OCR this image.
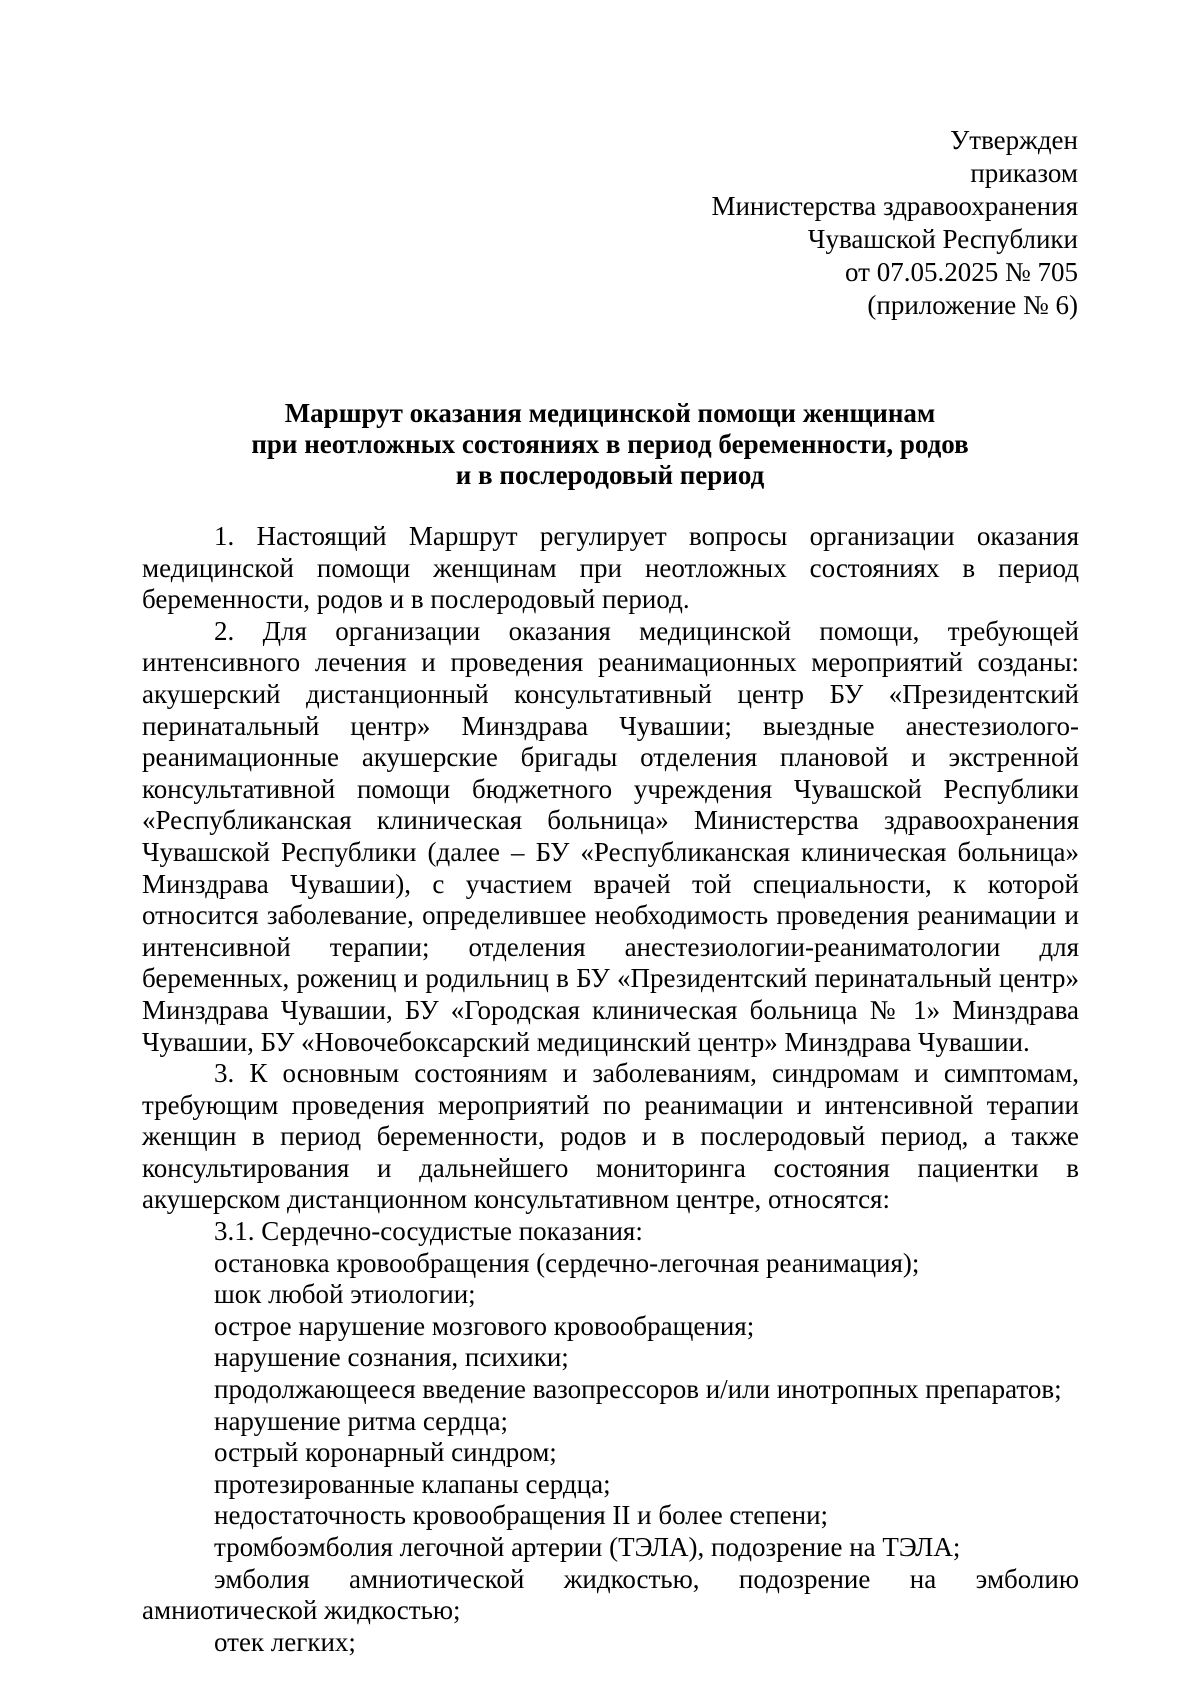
Утвержден
приказом
Министерства здравоохранения
Чувашской Республики
от 07.05.2025 № 705
(приложение № 6)
Маршрут оказания медицинской помощи женщинам
при неотложных состояниях в период беременности, родов
и в послеродовый период

1. Настоящий Маршрут регулирует вопросы организации оказания медицинской помощи женщинам при неотложных состояниях в период беременности, родов и в послеродовый период.

2. Для организации оказания медицинской помощи, требующей интенсивного лечения и проведения реанимационных мероприятий созданы: акушерский дистанционный консультативный центр БУ «Президентский перинатальный центр» Минздрава Чувашии; выездные анестезиолого-реанимационные акушерские бригады отделения плановой и экстренной консультативной помощи бюджетного учреждения Чувашской Республики «Республиканская клиническая больница» Министерства здравоохранения Чувашской Республики (далее – БУ «Республиканская клиническая больница» Минздрава Чувашии), с участием врачей той специальности, к которой относится заболевание, определившее необходимость проведения реанимации и интенсивной терапии; отделения анестезиологии-реаниматологии для беременных, рожениц и родильниц в БУ «Президентский перинатальный центр» Минздрава Чувашии, БУ «Городская клиническая больница № 1» Минздрава Чувашии, БУ «Новочебоксарский медицинский центр» Минздрава Чувашии.

3. К основным состояниям и заболеваниям, синдромам и симптомам, требующим проведения мероприятий по реанимации и интенсивной терапии женщин в период беременности, родов и в послеродовый период, а также консультирования и дальнейшего мониторинга состояния пациентки в акушерском дистанционном консультативном центре, относятся:

3.1. Сердечно-сосудистые показания:

остановка кровообращения (сердечно-легочная реанимация);

шок любой этиологии;

острое нарушение мозгового кровообращения;

нарушение сознания, психики;

продолжающееся введение вазопрессоров и/или инотропных препаратов;

нарушение ритма сердца;

острый коронарный синдром;

протезированные клапаны сердца;

недостаточность кровообращения II и более степени;

тромбоэмболия легочной артерии (ТЭЛА), подозрение на ТЭЛА;

эмболия амниотической жидкостью, подозрение на эмболию амниотической жидкостью;

отек легких;
